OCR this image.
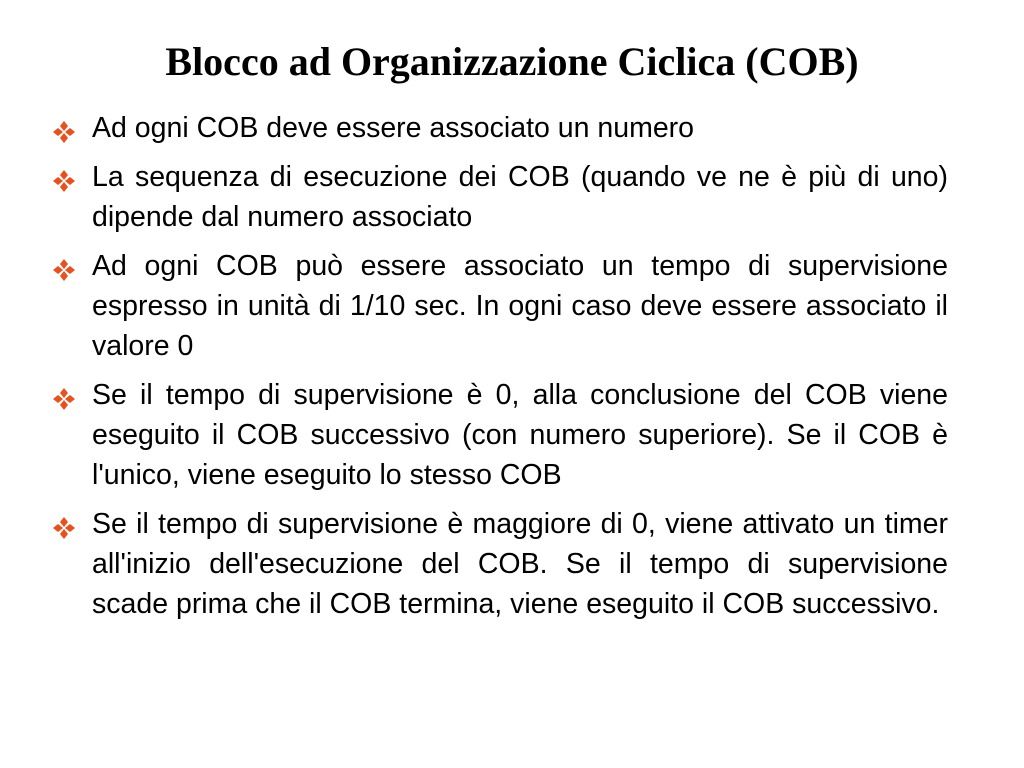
Blocco ad Organizzazione Ciclica (COB)
Ad ogni COB deve essere associato un numero
La sequenza di esecuzione dei COB (quando ve ne è più di uno) dipende dal numero associato
Ad ogni COB può essere associato un tempo di supervisione espresso in unità di 1/10 sec. In ogni caso deve essere associato il valore 0
Se il tempo di supervisione è 0, alla conclusione del COB viene eseguito il COB successivo (con numero superiore). Se il COB è l'unico, viene eseguito lo stesso COB
Se il tempo di supervisione è maggiore di 0, viene attivato un timer all'inizio dell'esecuzione del COB. Se il tempo di supervisione scade prima che il COB termina, viene eseguito il COB successivo.
